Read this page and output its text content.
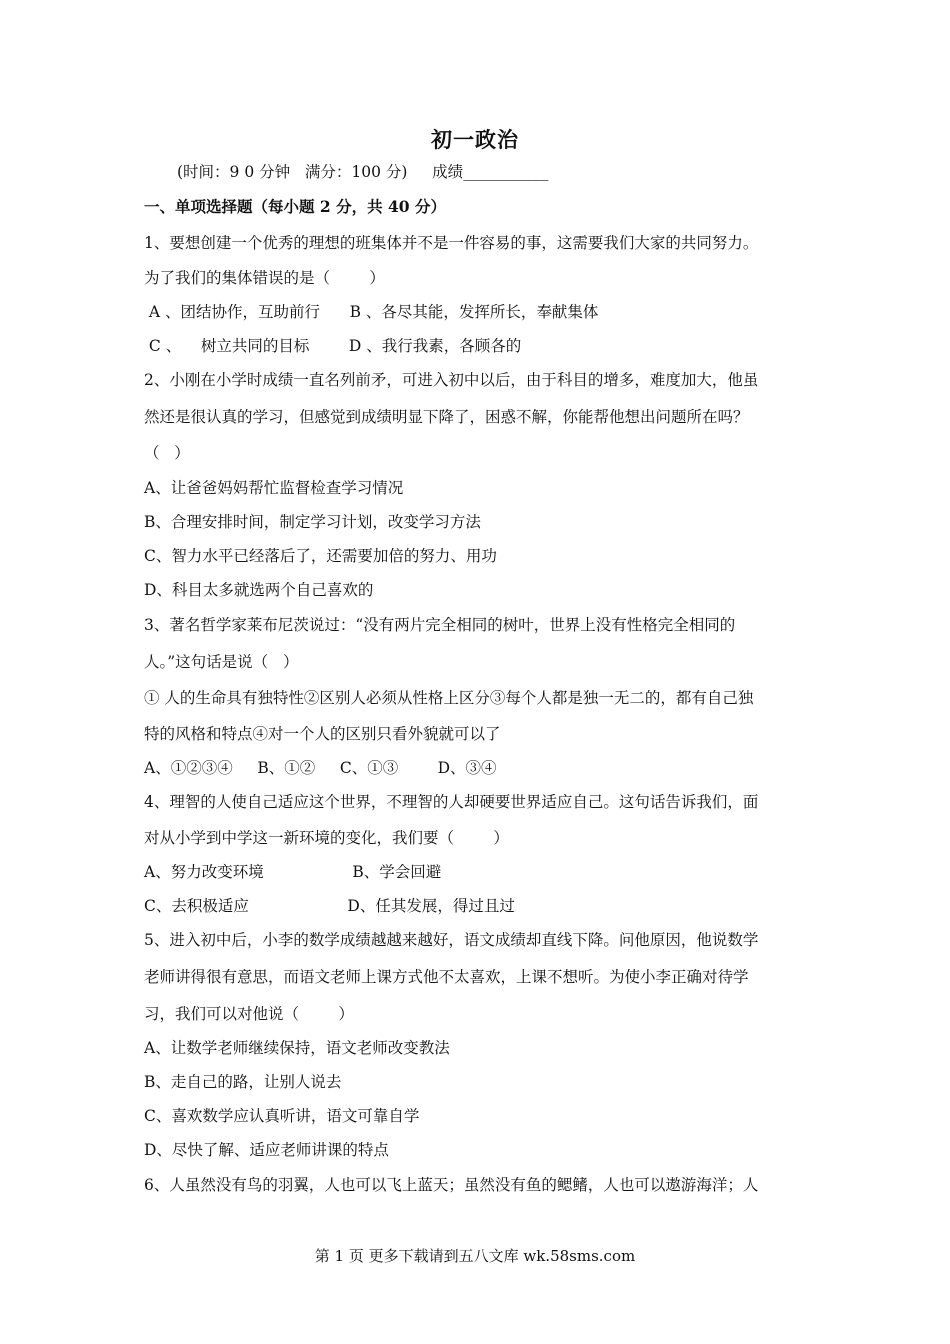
初一政治
(时间：9 0 分钟   满分：100 分)     成绩___________
一、单项选择题（每小题 2 分，共 40 分）
1、要想创建一个优秀的理想的班集体并不是一件容易的事，这需要我们大家的共同努力。
为了我们的集体错误的是（        ）
A 、团结协作，互助前行      B 、各尽其能，发挥所长，奉献集体
C 、    树立共同的目标        D 、我行我素，各顾各的
2、小刚在小学时成绩一直名列前矛，可进入初中以后，由于科目的增多，难度加大，他虽
然还是很认真的学习，但感觉到成绩明显下降了，困惑不解，你能帮他想出问题所在吗？
（   ）
A、让爸爸妈妈帮忙监督检查学习情况
B、合理安排时间，制定学习计划，改变学习方法
C、智力水平已经落后了，还需要加倍的努力、用功
D、科目太多就选两个自己喜欢的
3、著名哲学家莱布尼茨说过：“没有两片完全相同的树叶，世界上没有性格完全相同的
人。”这句话是说（   ）
① 人的生命具有独特性②区别人必须从性格上区分③每个人都是独一无二的，都有自己独
特的风格和特点④对一个人的区别只看外貌就可以了
A、①②③④     B、①②     C、①③        D、③④
4、理智的人使自己适应这个世界，不理智的人却硬要世界适应自己。这句话告诉我们，面
对从小学到中学这一新环境的变化，我们要（        ）
A、努力改变环境                  B、学会回避
C、去积极适应                    D、任其发展，得过且过
5、进入初中后，小李的数学成绩越越来越好，语文成绩却直线下降。问他原因，他说数学
老师讲得很有意思，而语文老师上课方式他不太喜欢，上课不想听。为使小李正确对待学
习，我们可以对他说（        ）
A、让数学老师继续保持，语文老师改变教法
B、走自己的路，让别人说去
C、喜欢数学应认真听讲，语文可靠自学
D、尽快了解、适应老师讲课的特点
6、人虽然没有鸟的羽翼，人也可以飞上蓝天；虽然没有鱼的鳃鳍，人也可以遨游海洋；人
第 1 页 更多下载请到五八文库 wk.58sms.com
